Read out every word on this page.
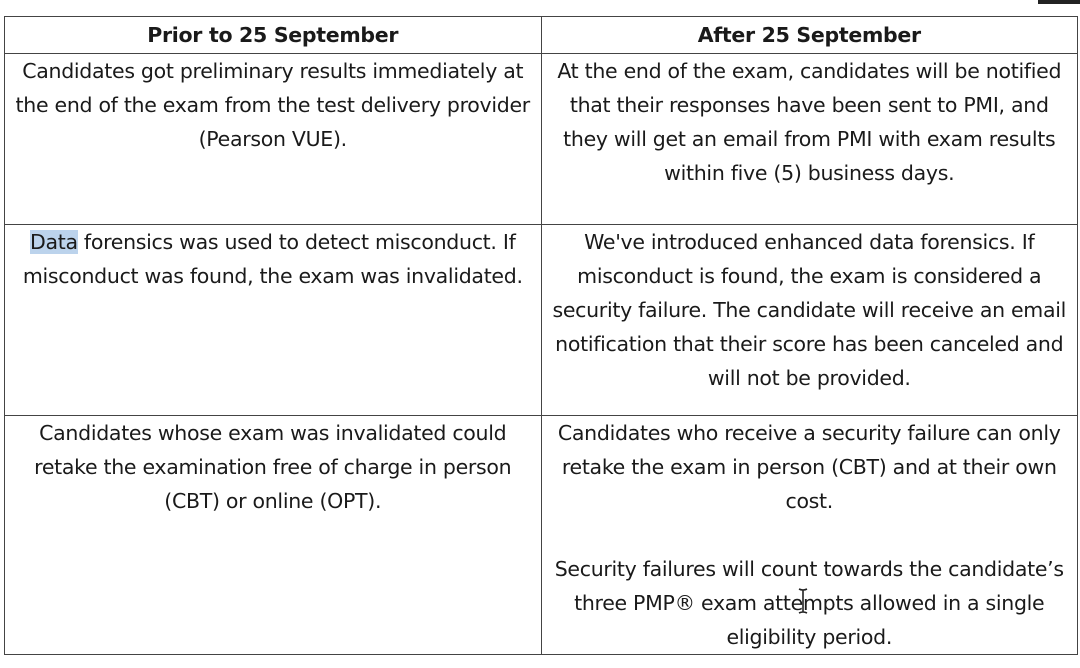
Prior to 25 September	After 25 September
Candidates got preliminary results immediately at the end of the exam from the test delivery provider (Pearson VUE).	At the end of the exam, candidates will be notified that their responses have been sent to PMI, and they will get an email from PMI with exam results within five (5) business days.
Data forensics was used to detect misconduct. If misconduct was found, the exam was invalidated.	We've introduced enhanced data forensics. If misconduct is found, the exam is considered a security failure. The candidate will receive an email notification that their score has been canceled and will not be provided.
Candidates whose exam was invalidated could retake the examination free of charge in person (CBT) or online (OPT).	Candidates who receive a security failure can only retake the exam in person (CBT) and at their own cost.
Security failures will count towards the candidate’s three PMP® exam atte
mpts allowed in a single eligibility period.
